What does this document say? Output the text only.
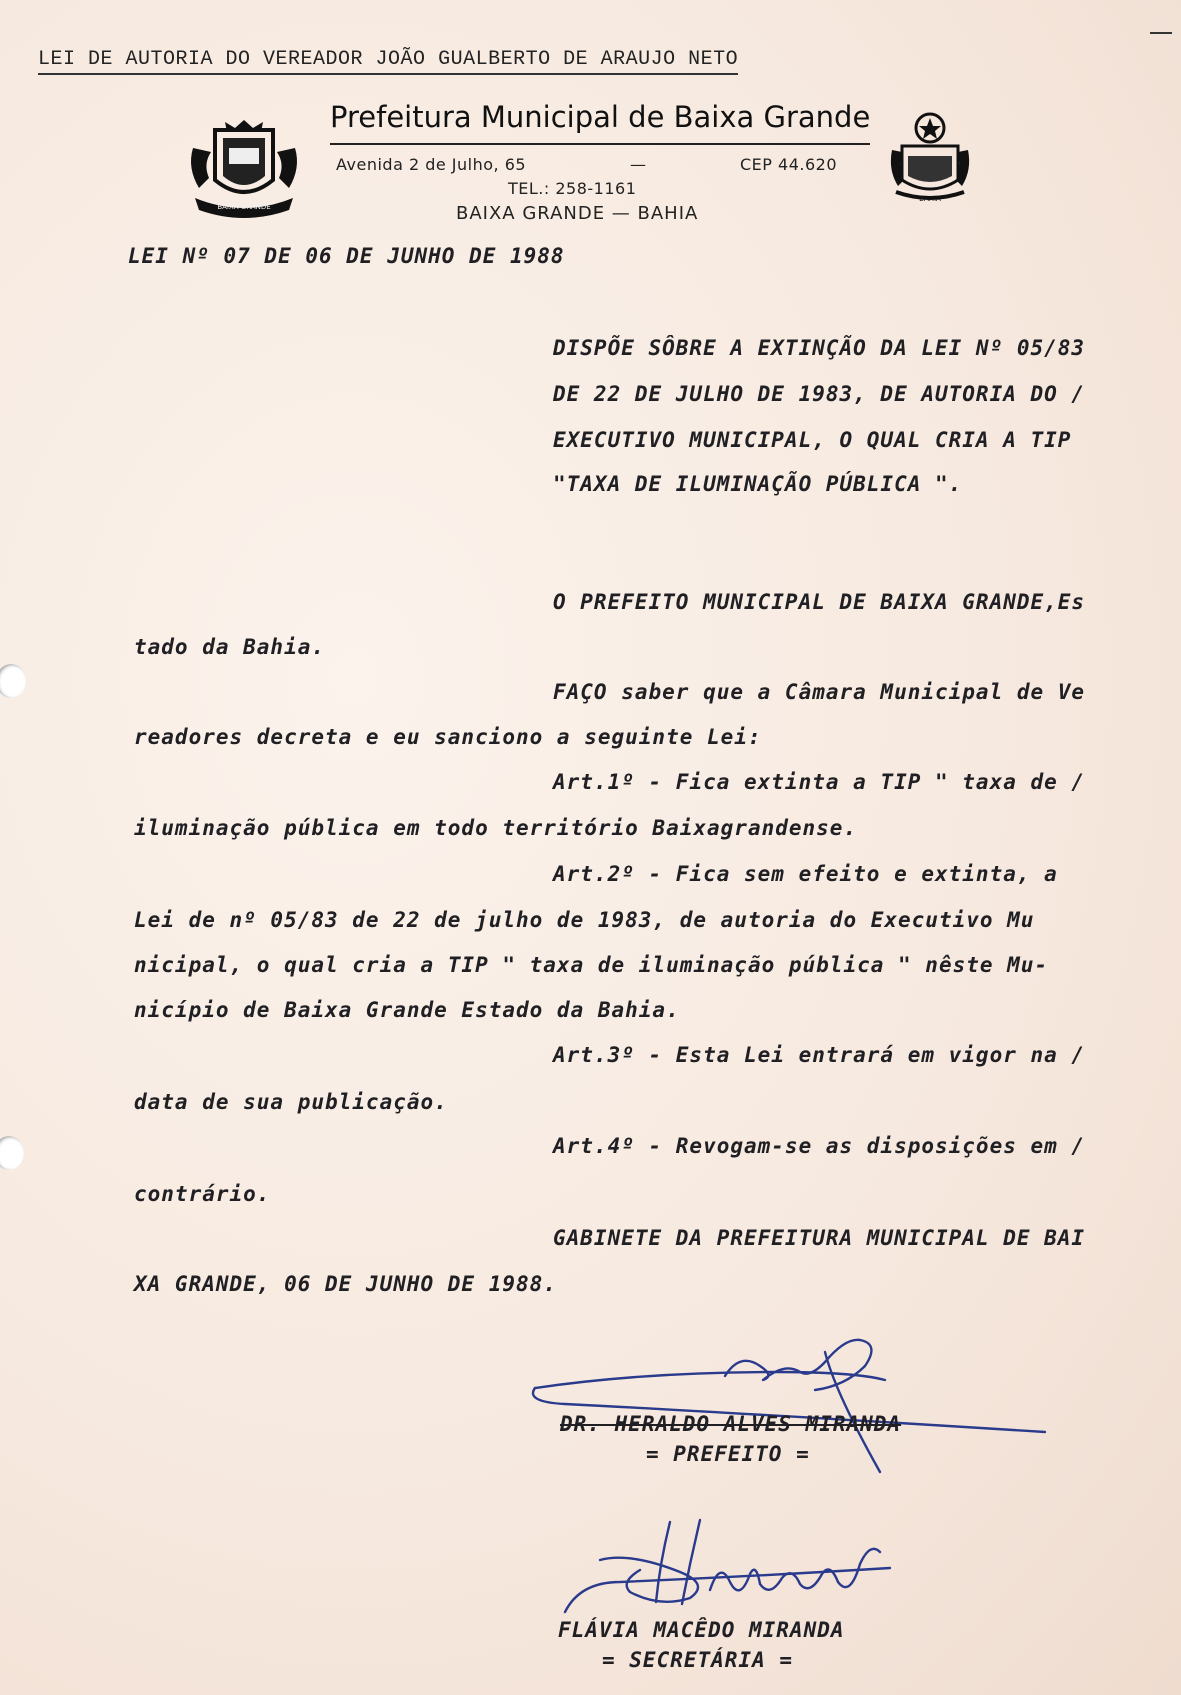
LEI DE AUTORIA DO VEREADOR JOÃO GUALBERTO DE ARAUJO NETO
BAIXA GRANDE
Prefeitura Municipal de Baixa Grande
Avenida 2 de Julho, 65	—	CEP 44.620
TEL.: 258-1161
BAIXA GRANDE — BAHIA
BAHIA
LEI Nº 07 DE 06 DE JUNHO DE 1988
DISPÕE SÔBRE A EXTINÇÃO DA LEI Nº 05/83
DE 22 DE JULHO DE 1983, DE AUTORIA DO /
EXECUTIVO MUNICIPAL, O QUAL CRIA A TIP
"TAXA DE ILUMINAÇÃO PÚBLICA ".
O PREFEITO MUNICIPAL DE BAIXA GRANDE,Es
tado da Bahia.
FAÇO saber que a Câmara Municipal de Ve
readores decreta e eu sanciono a seguinte Lei:
Art.1º - Fica extinta a TIP " taxa de /
iluminação pública em todo território Baixagrandense.
Art.2º - Fica sem efeito e extinta, a
Lei de nº 05/83 de 22 de julho de 1983, de autoria do Executivo Mu
nicipal, o qual cria a TIP " taxa de iluminação pública " nêste Mu-
nicípio de Baixa Grande Estado da Bahia.
Art.3º - Esta Lei entrará em vigor na /
data de sua publicação.
Art.4º - Revogam-se as disposições em /
contrário.
GABINETE DA PREFEITURA MUNICIPAL DE BAI
XA GRANDE, 06 DE JUNHO DE 1988.
DR. HERALDO ALVES MIRANDA
= PREFEITO =
FLÁVIA MACÊDO MIRANDA
= SECRETÁRIA =
